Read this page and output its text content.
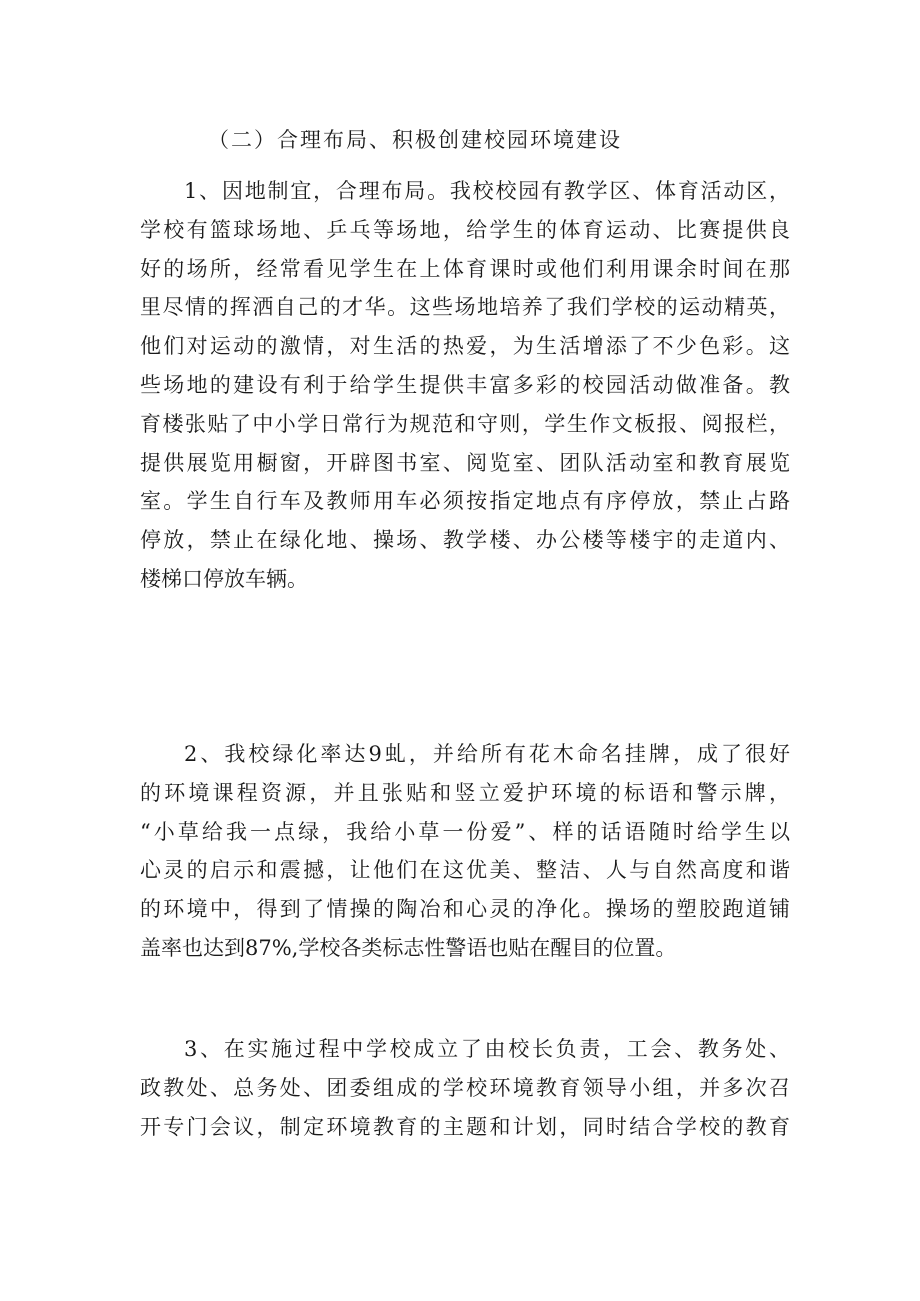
（二）合理布局、积极创建校园环境建设
1、因地制宜，合理布局。我校校园有教学区、体育活动区，
学校有篮球场地、乒乓等场地，给学生的体育运动、比赛提供良
好的场所，经常看见学生在上体育课时或他们利用课余时间在那
里尽情的挥洒自己的才华。这些场地培养了我们学校的运动精英，
他们对运动的激情，对生活的热爱，为生活增添了不少色彩。这
些场地的建设有利于给学生提供丰富多彩的校园活动做准备。教
育楼张贴了中小学日常行为规范和守则，学生作文板报、阅报栏，
提供展览用橱窗，开辟图书室、阅览室、团队活动室和教育展览
室。学生自行车及教师用车必须按指定地点有序停放，禁止占路
停放，禁止在绿化地、操场、教学楼、办公楼等楼宇的走道内、
楼梯口停放车辆。
2、我校绿化率达9虬，并给所有花木命名挂牌，成了很好
的环境课程资源，并且张贴和竖立爱护环境的标语和警示牌，
“小草给我一点绿，我给小草一份爱”、样的话语随时给学生以
心灵的启示和震撼，让他们在这优美、整洁、人与自然高度和谐
的环境中，得到了情操的陶冶和心灵的净化。操场的塑胶跑道铺
盖率也达到87%,学校各类标志性警语也贴在醒目的位置。
3、在实施过程中学校成立了由校长负责，工会、教务处、
政教处、总务处、团委组成的学校环境教育领导小组，并多次召
开专门会议，制定环境教育的主题和计划，同时结合学校的教育
